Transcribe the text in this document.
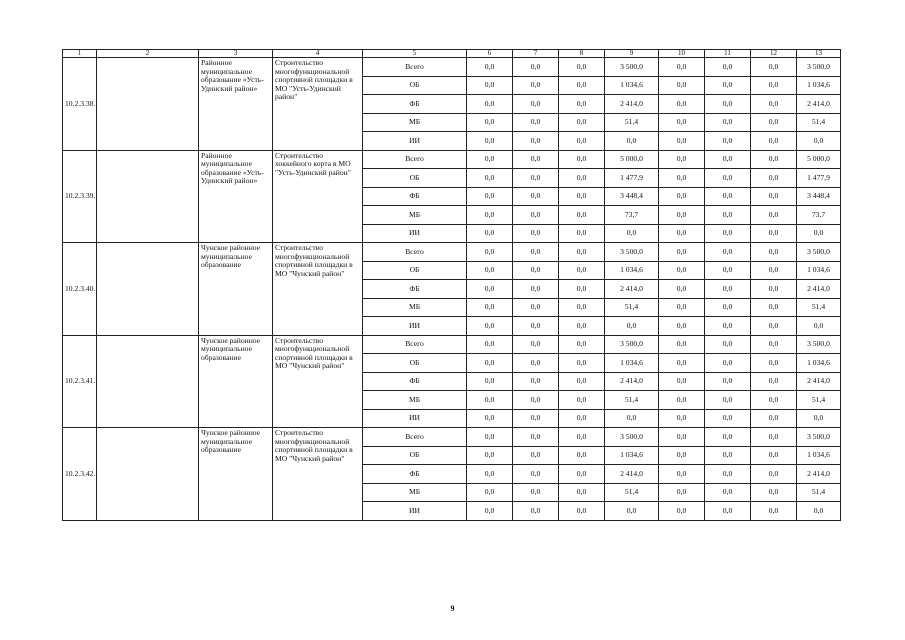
1	2	3	4	5	6	7	8	9	10	11	12	13
10.2.3.38.		Районное муниципальное образование «Усть-Удинский район»	Строительство многофункциональной спортивной площадки в МО "Усть-Удинский район"	Всего	0,0	0,0	0,0	3 500,0	0,0	0,0	0,0	3 500,0
				ОБ	0,0	0,0	0,0	1 034,6	0,0	0,0	0,0	1 034,6
				ФБ	0,0	0,0	0,0	2 414,0	0,0	0,0	0,0	2 414,0
				МБ	0,0	0,0	0,0	51,4	0,0	0,0	0,0	51,4
				ИИ	0,0	0,0	0,0	0,0	0,0	0,0	0,0	0,0
10.2.3.39.		Районное муниципальное образование «Усть-Удинский район»	Строительство хоккейного корта в МО "Усть-Удинский район"	Всего	0,0	0,0	0,0	5 000,0	0,0	0,0	0,0	5 000,0
				ОБ	0,0	0,0	0,0	1 477,9	0,0	0,0	0,0	1 477,9
				ФБ	0,0	0,0	0,0	3 448,4	0,0	0,0	0,0	3 448,4
				МБ	0,0	0,0	0,0	73,7	0,0	0,0	0,0	73,7
				ИИ	0,0	0,0	0,0	0,0	0,0	0,0	0,0	0,0
10.2.3.40.		Чунское районное муниципальное образование	Строительство многофункциональной спортивной площадки в МО "Чунский район"	Всего	0,0	0,0	0,0	3 500,0	0,0	0,0	0,0	3 500,0
				ОБ	0,0	0,0	0,0	1 034,6	0,0	0,0	0,0	1 034,6
				ФБ	0,0	0,0	0,0	2 414,0	0,0	0,0	0,0	2 414,0
				МБ	0,0	0,0	0,0	51,4	0,0	0,0	0,0	51,4
				ИИ	0,0	0,0	0,0	0,0	0,0	0,0	0,0	0,0
10.2.3.41.		Чунское районное муниципальное образование	Строительство многофункциональной спортивной площадки в МО "Чунский район"	Всего	0,0	0,0	0,0	3 500,0	0,0	0,0	0,0	3 500,0
				ОБ	0,0	0,0	0,0	1 034,6	0,0	0,0	0,0	1 034,6
				ФБ	0,0	0,0	0,0	2 414,0	0,0	0,0	0,0	2 414,0
				МБ	0,0	0,0	0,0	51,4	0,0	0,0	0,0	51,4
				ИИ	0,0	0,0	0,0	0,0	0,0	0,0	0,0	0,0
10.2.3.42.		Чунское районное муниципальное образование	Строительство многофункциональной спортивной площадки в МО "Чунский район"	Всего	0,0	0,0	0,0	3 500,0	0,0	0,0	0,0	3 500,0
				ОБ	0,0	0,0	0,0	1 034,6	0,0	0,0	0,0	1 034,6
				ФБ	0,0	0,0	0,0	2 414,0	0,0	0,0	0,0	2 414,0
				МБ	0,0	0,0	0,0	51,4	0,0	0,0	0,0	51,4
				ИИ	0,0	0,0	0,0	0,0	0,0	0,0	0,0	0,0
9
